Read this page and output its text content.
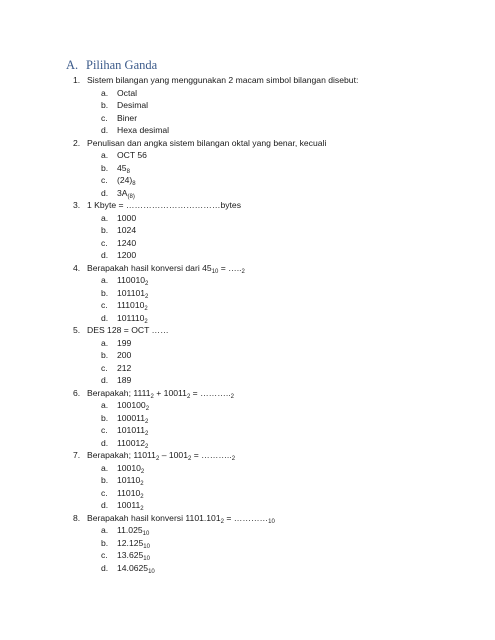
A. Pilihan Ganda
1. Sistem bilangan yang menggunakan 2 macam simbol bilangan disebut:
a.	Octal
b.	Desimal
c.	Biner
d.	Hexa desimal
2. Penulisan dan angka sistem bilangan oktal yang benar, kecuali
a.	OCT 56
b.	$45_8$
c.	$(24)_8$
d.	$3A_{(8)}$
3. 1 Kbyte = ……………………………bytes
a.	1000
b.	1024
c.	1240
d.	1200
4. Berapakah hasil konversi dari $45_{10}$ = $\dots.._2$
a.	$110010_2$
b.	$101101_2$
c.	$111010_2$
d.	$101110_2$
5. DES 128 = OCT ……
a.	199
b.	200
c.	212
d.	189
6. Berapakah; $1111_2 + 10011_2$ = $\dots\dots\dots.._2$
a.	$100100_2$
b.	$100011_2$
c.	$101011_2$
d.	$110012_2$
7. Berapakah; $11011_2 - 1001_2$ = $\dots\dots\dots.._2$
a.	$10010_2$
b.	$10110_2$
c.	$11010_2$
d.	$10011_2$
8. Berapakah hasil konversi $1101.101_2$ = $\dots\dots\dots\dots_{10}$
a.	$11.025_{10}$
b.	$12.125_{10}$
c.	$13.625_{10}$
d.	$14.0625_{10}$
